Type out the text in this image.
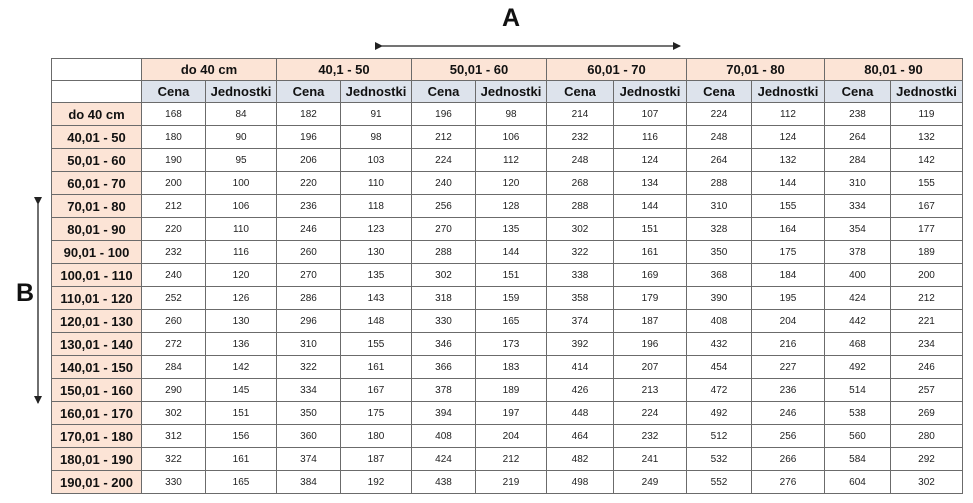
A
B
	do 40 cm		40,1 - 50		50,01 - 60		60,01 - 70		70,01 - 80		80,01 - 90	
	Cena	Jednostki	Cena	Jednostki	Cena	Jednostki	Cena	Jednostki	Cena	Jednostki	Cena	Jednostki
do 40 cm	168	84	182	91	196	98	214	107	224	112	238	119
40,01 - 50	180	90	196	98	212	106	232	116	248	124	264	132
50,01 - 60	190	95	206	103	224	112	248	124	264	132	284	142
60,01 - 70	200	100	220	110	240	120	268	134	288	144	310	155
70,01 - 80	212	106	236	118	256	128	288	144	310	155	334	167
80,01 - 90	220	110	246	123	270	135	302	151	328	164	354	177
90,01 - 100	232	116	260	130	288	144	322	161	350	175	378	189
100,01 - 110	240	120	270	135	302	151	338	169	368	184	400	200
110,01 - 120	252	126	286	143	318	159	358	179	390	195	424	212
120,01 - 130	260	130	296	148	330	165	374	187	408	204	442	221
130,01 - 140	272	136	310	155	346	173	392	196	432	216	468	234
140,01 - 150	284	142	322	161	366	183	414	207	454	227	492	246
150,01 - 160	290	145	334	167	378	189	426	213	472	236	514	257
160,01 - 170	302	151	350	175	394	197	448	224	492	246	538	269
170,01 - 180	312	156	360	180	408	204	464	232	512	256	560	280
180,01 - 190	322	161	374	187	424	212	482	241	532	266	584	292
190,01 - 200	330	165	384	192	438	219	498	249	552	276	604	302
